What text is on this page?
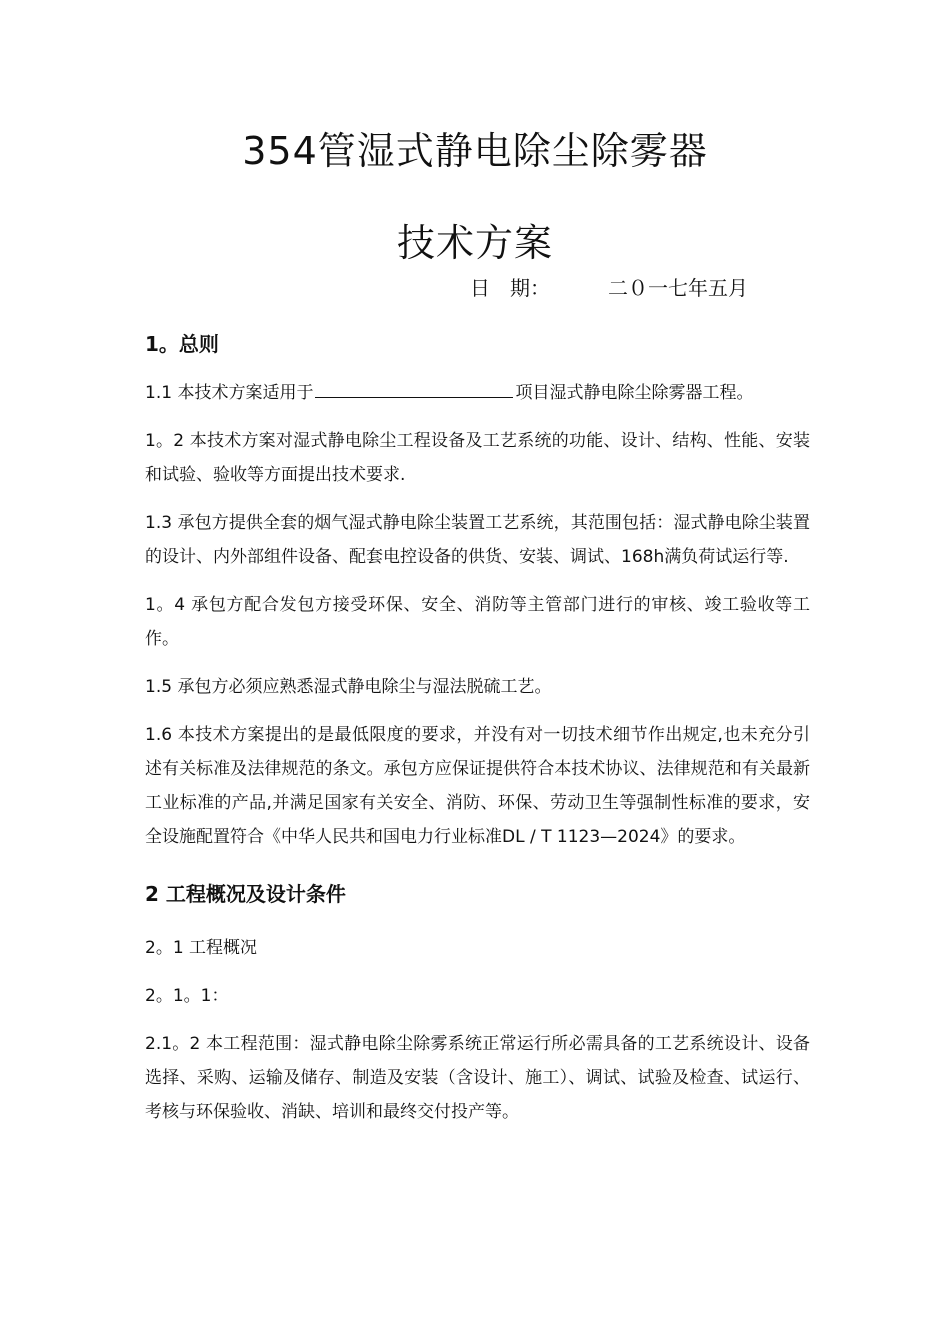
354管湿式静电除尘除雾器
技术方案
日　期：	二０一七年五月
1。总则

1.1 本技术方案适用于	项目湿式静电除尘除雾器工程。

1。2 本技术方案对湿式静电除尘工程设备及工艺系统的功能、设计、结构、性能、安装和试验、验收等方面提出技术要求.

1.3 承包方提供全套的烟气湿式静电除尘装置工艺系统，其范围包括：湿式静电除尘装置的设计、内外部组件设备、配套电控设备的供货、安装、调试、168h满负荷试运行等.

1。4 承包方配合发包方接受环保、安全、消防等主管部门进行的审核、竣工验收等工作。

1.5 承包方必须应熟悉湿式静电除尘与湿法脱硫工艺。

1.6 本技术方案提出的是最低限度的要求，并没有对一切技术细节作出规定,也未充分引述有关标准及法律规范的条文。承包方应保证提供符合本技术协议、法律规范和有关最新工业标准的产品,并满足国家有关安全、消防、环保、劳动卫生等强制性标准的要求，安全设施配置符合《中华人民共和国电力行业标准DL / T 1123—2024》的要求。

2 工程概况及设计条件

2。1 工程概况

2。1。1：

2.1。2 本工程范围：湿式静电除尘除雾系统正常运行所必需具备的工艺系统设计、设备选择、采购、运输及储存、制造及安装（含设计、施工）、调试、试验及检查、试运行、考核与环保验收、消缺、培训和最终交付投产等。
